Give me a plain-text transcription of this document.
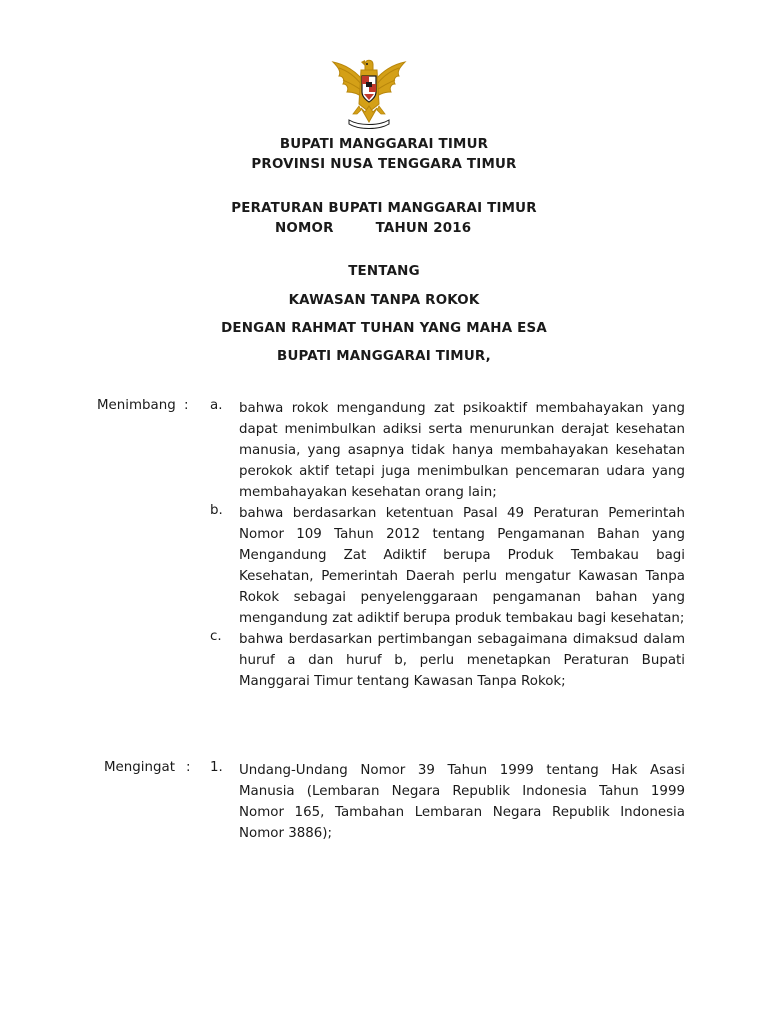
BUPATI MANGGARAI TIMUR
PROVINSI NUSA TENGGARA TIMUR
PERATURAN BUPATI MANGGARAI TIMUR
NOMOR	TAHUN 2016
TENTANG
KAWASAN TANPA ROKOK
DENGAN RAHMAT TUHAN YANG MAHA ESA
BUPATI MANGGARAI TIMUR,
Menimbang : a. bahwa rokok mengandung zat psikoaktif membahayakan yang dapat menimbulkan adiksi serta menurunkan derajat kesehatan manusia, yang asapnya tidak hanya membahayakan kesehatan perokok aktif tetapi juga menimbulkan pencemaran udara yang membahayakan kesehatan orang lain;
b. bahwa berdasarkan ketentuan Pasal 49 Peraturan Pemerintah Nomor 109 Tahun 2012 tentang Pengamanan Bahan yang Mengandung Zat Adiktif berupa Produk Tembakau bagi Kesehatan, Pemerintah Daerah perlu mengatur Kawasan Tanpa Rokok sebagai penyelenggaraan pengamanan bahan yang mengandung zat adiktif berupa produk tembakau bagi kesehatan;
c. bahwa berdasarkan pertimbangan sebagaimana dimaksud dalam huruf a dan huruf b, perlu menetapkan Peraturan Bupati Manggarai Timur tentang Kawasan Tanpa Rokok;
Mengingat : 1. Undang-Undang Nomor 39 Tahun 1999 tentang Hak Asasi Manusia (Lembaran Negara Republik Indonesia Tahun 1999 Nomor 165, Tambahan Lembaran Negara Republik Indonesia Nomor 3886);
